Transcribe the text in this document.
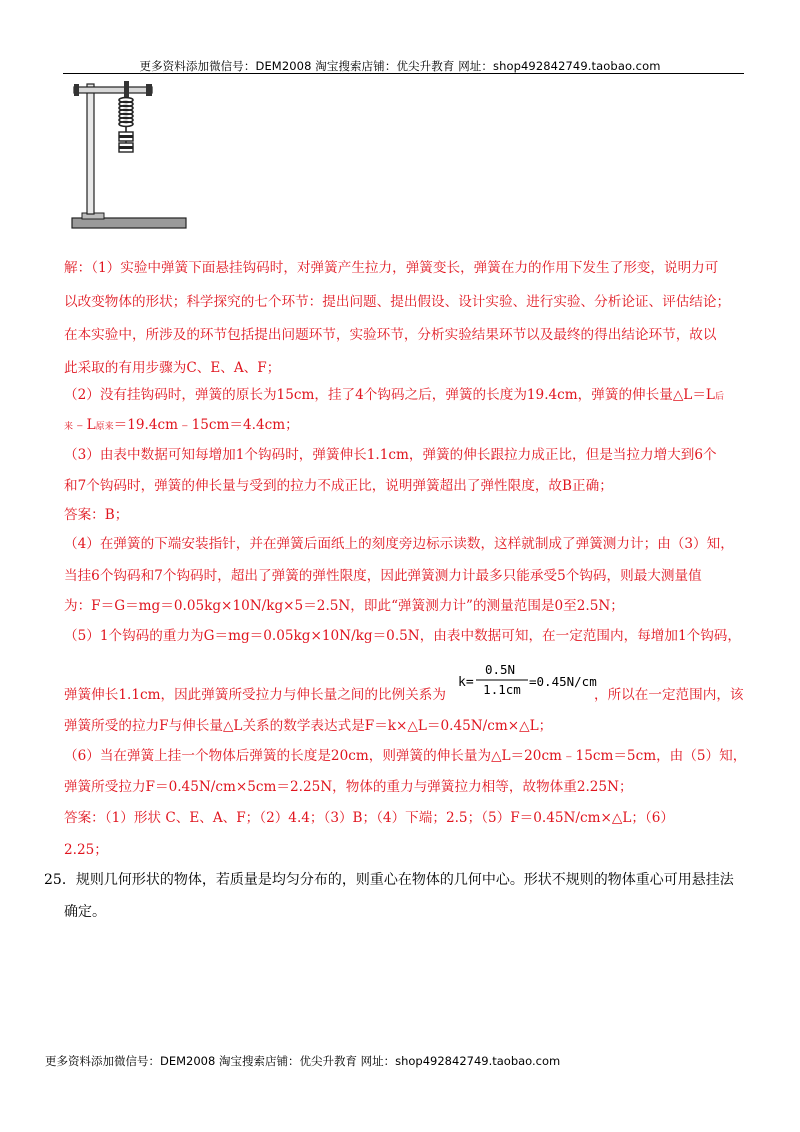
更多资料添加微信号：DEM2008 淘宝搜索店铺：优尖升教育 网址：shop492842749.taobao.com
解：（1）实验中弹簧下面悬挂钩码时，对弹簧产生拉力，弹簧变长，弹簧在力的作用下发生了形变，说明力可
以改变物体的形状；科学探究的七个环节：提出问题、提出假设、设计实验、进行实验、分析论证、评估结论；
在本实验中，所涉及的环节包括提出问题环节，实验环节，分析实验结果环节以及最终的得出结论环节，故以
此采取的有用步骤为C、E、A、F；
（2）没有挂钩码时，弹簧的原长为15cm，挂了4个钩码之后，弹簧的长度为19.4cm，弹簧的伸长量△L＝L后
来﹣L原来＝19.4cm﹣15cm＝4.4cm；
（3）由表中数据可知每增加1个钩码时，弹簧伸长1.1cm，弹簧的伸长跟拉力成正比，但是当拉力增大到6个
和7个钩码时，弹簧的伸长量与受到的拉力不成正比，说明弹簧超出了弹性限度，故B正确；
答案：B；
（4）在弹簧的下端安装指针，并在弹簧后面纸上的刻度旁边标示读数，这样就制成了弹簧测力计；由（3）知，
当挂6个钩码和7个钩码时，超出了弹簧的弹性限度，因此弹簧测力计最多只能承受5个钩码，则最大测量值
为：F＝G＝mg＝0.05kg×10N/kg×5＝2.5N，即此“弹簧测力计”的测量范围是0至2.5N；
（5）1个钩码的重力为G＝mg＝0.05kg×10N/kg＝0.5N，由表中数据可知，在一定范围内，每增加1个钩码，
弹簧伸长1.1cm，因此弹簧所受拉力与伸长量之间的比例关系为
k=
0.5N
1.1cm
=0.45N/cm
，所以在一定范围内，该
弹簧所受的拉力F与伸长量△L关系的数学表达式是F＝k×△L＝0.45N/cm×△L；
（6）当在弹簧上挂一个物体后弹簧的长度是20cm，则弹簧的伸长量为△L＝20cm﹣15cm＝5cm，由（5）知，
弹簧所受拉力F＝0.45N/cm×5cm＝2.25N，物体的重力与弹簧拉力相等，故物体重2.25N；
答案：（1）形状 C、E、A、F；（2）4.4；（3）B；（4）下端；2.5；（5）F＝0.45N/cm×△L；（6）
2.25；
25．规则几何形状的物体，若质量是均匀分布的，则重心在物体的几何中心。形状不规则的物体重心可用悬挂法
确定。
更多资料添加微信号：DEM2008 淘宝搜索店铺：优尖升教育 网址：shop492842749.taobao.com
